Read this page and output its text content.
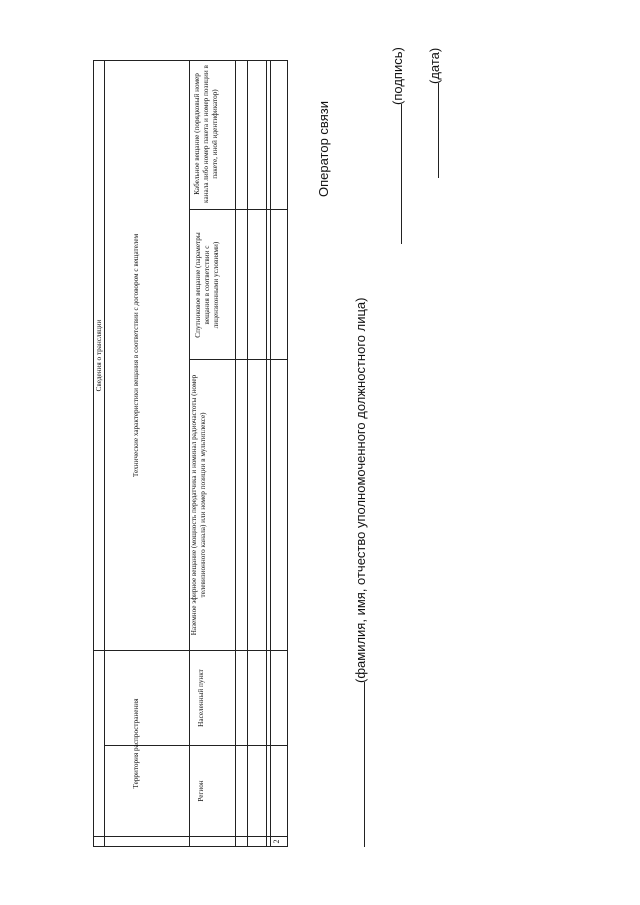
2
Сведения о трансляции
Территория распространения
Регион
Населенный пункт
Технические характеристики вещания в соответствии с договором с вещателем
Наземное эфирное вещание (мощность передатчика и номинал радиочастоты (номер телевизионного канала) или номер позиции в мультиплексе)
Спутниковое вещание (параметры вещания в соответствии с лицензионными условиями)
Кабельное вещание (порядковый номер канала либо номер пакета и номер позиции в пакете, иной идентификатор)	Оператор связи
(фамилия, имя, отчество уполномоченного должностного лица)
(подпись) (дата)
